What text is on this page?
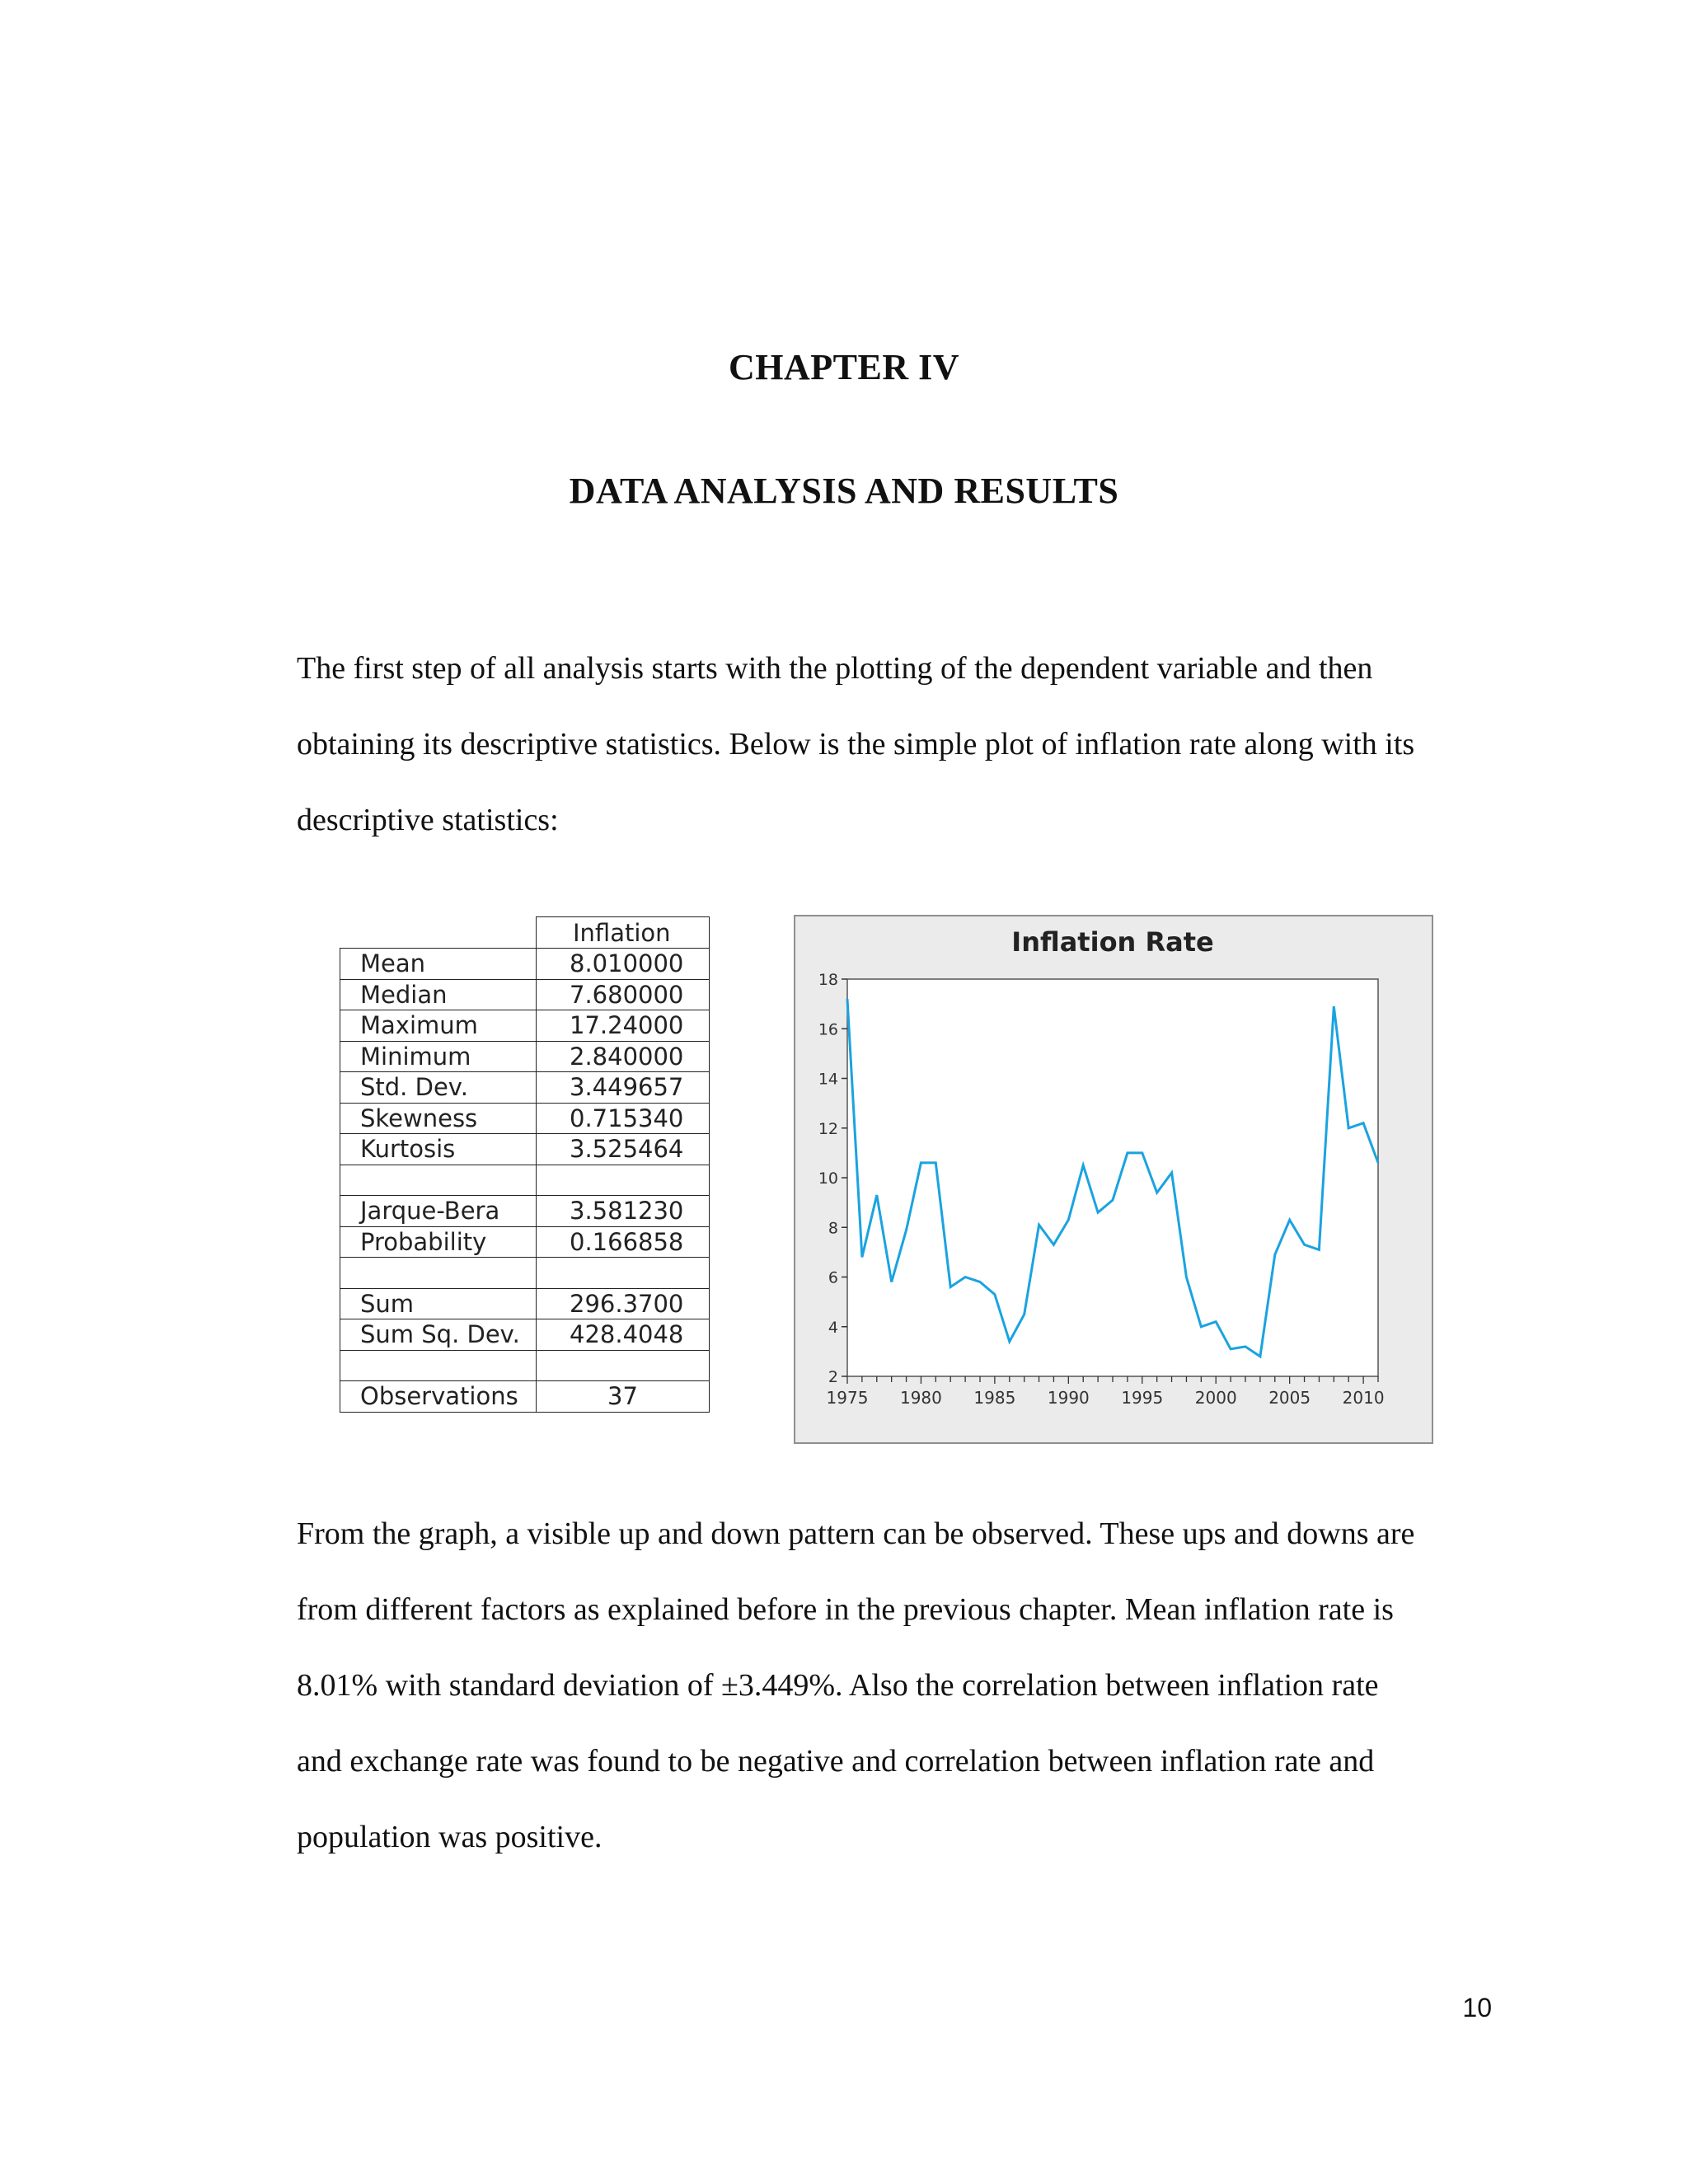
CHAPTER IV
DATA ANALYSIS AND RESULTS

The first step of all analysis starts with the plotting of the dependent variable and then

obtaining its descriptive statistics. Below is the simple plot of inflation rate along with its

descriptive statistics:

	Inflation
Mean	8.010000
Median	7.680000
Maximum	17.24000
Minimum	2.840000
Std. Dev.	3.449657
Skewness	0.715340
Kurtosis	3.525464

Jarque-Bera	3.581230
Probability	0.166858

Sum	296.3700
Sum Sq. Dev.	428.4048

Observations	37
Inflation Rate
2
4
6
8
10
12
14
16
18
1975 1980 1985 1990 1995 2000 2005 2010

From the graph, a visible up and down pattern can be observed. These ups and downs are

from different factors as explained before in the previous chapter. Mean inflation rate is

8.01% with standard deviation of ±3.449%. Also the correlation between inflation rate

and exchange rate was found to be negative and correlation between inflation rate and

population was positive.

10
